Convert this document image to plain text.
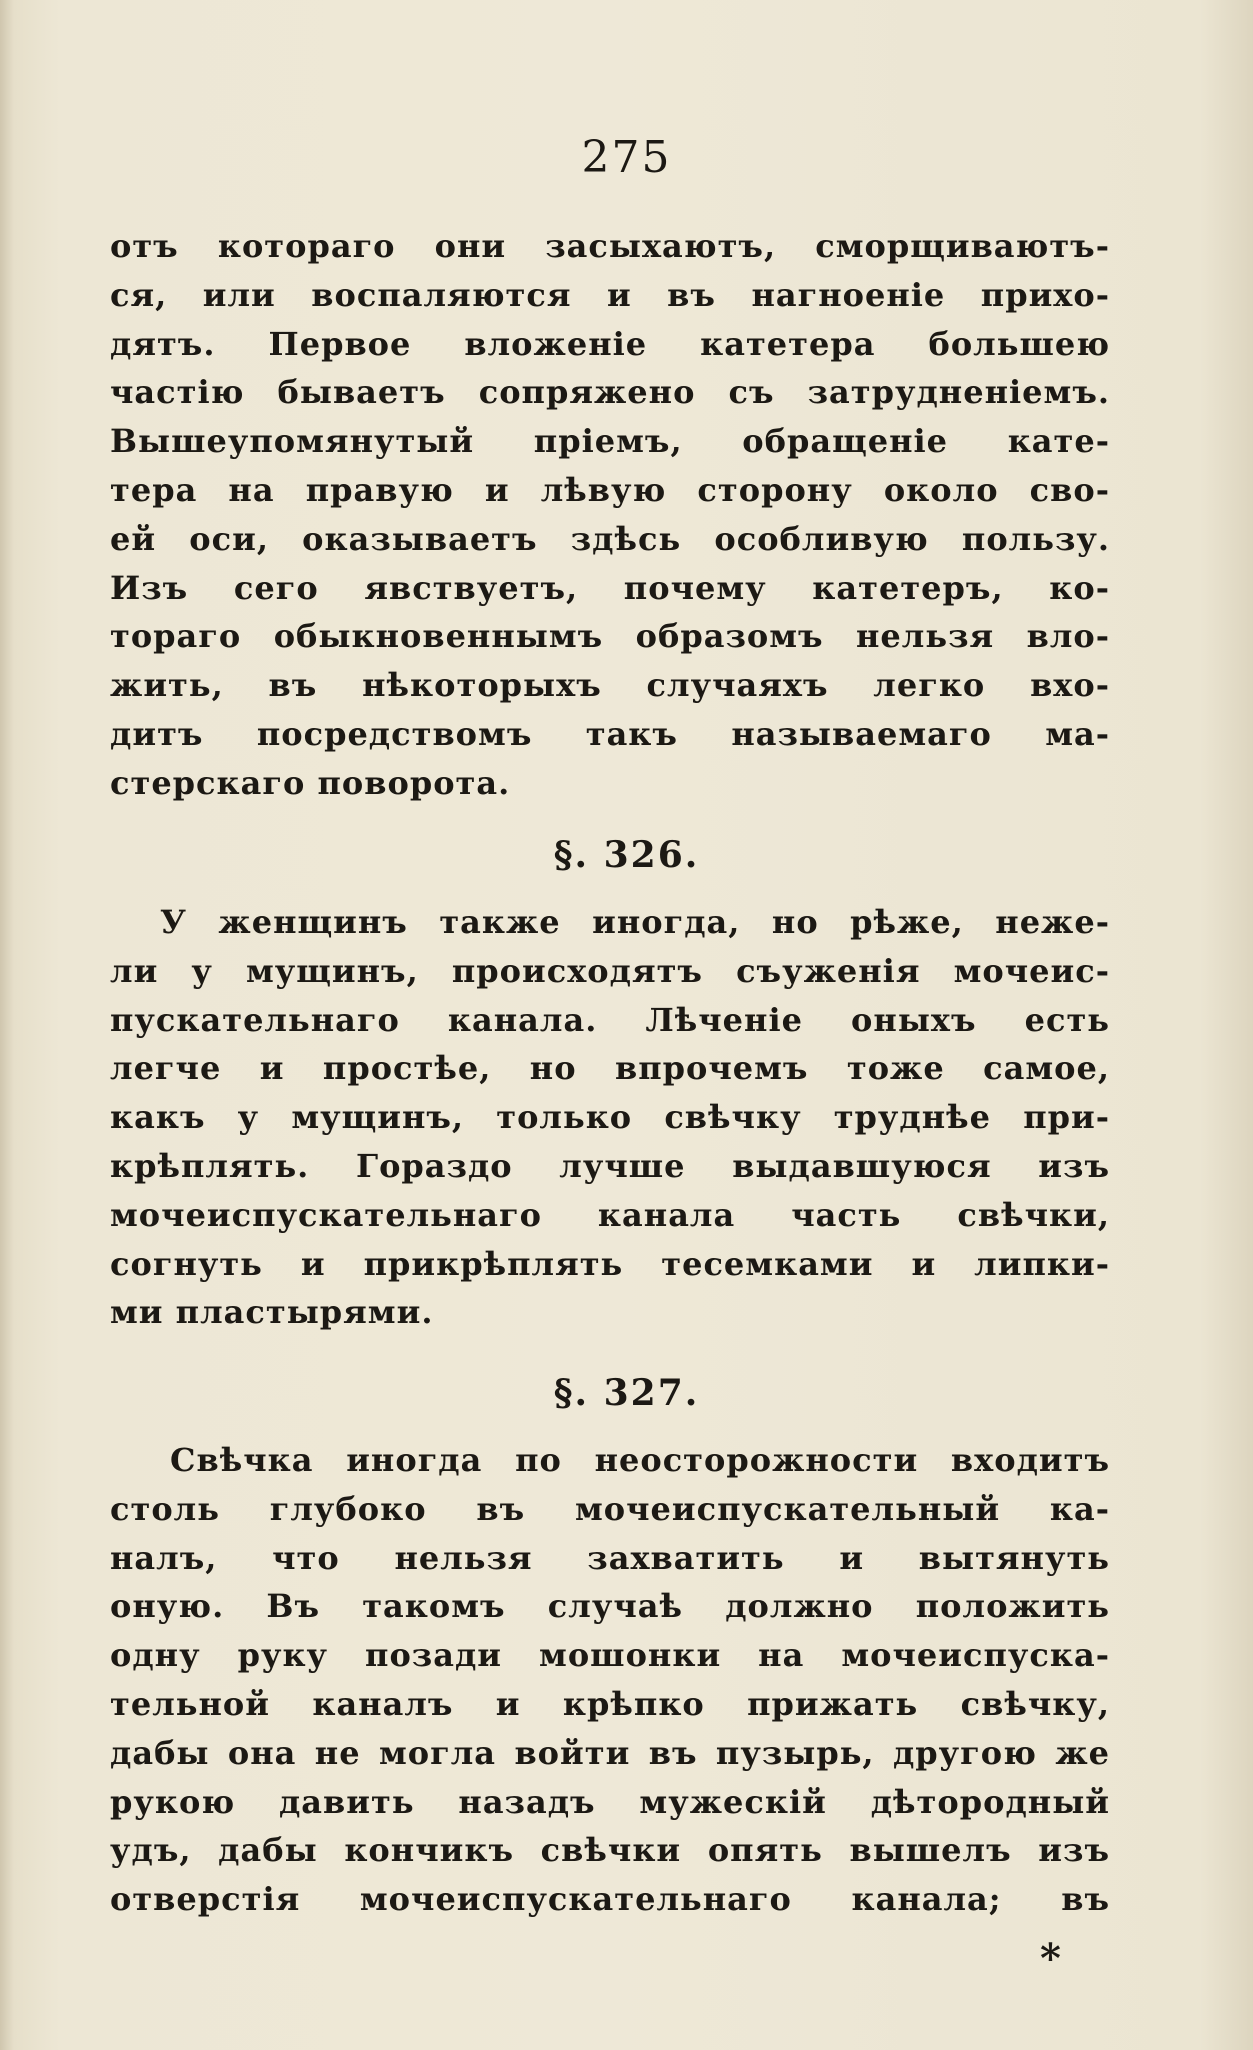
275
отъ котораго они засыхаютъ, сморщиваютъ-
ся, или воспаляются и въ нагноеніе прихо-
дятъ. Первое вложеніе катетера большею
частію бываетъ сопряжено съ затрудненіемъ.
Вышеупомянутый пріемъ, обращеніе кате-
тера на правую и лѣвую сторону около сво-
ей оси, оказываетъ здѣсь особливую пользу.
Изъ сего явствуетъ, почему катетеръ, ко-
тораго обыкновеннымъ образомъ нельзя вло-
жить, въ нѣкоторыхъ случаяхъ легко вхо-
дитъ посредствомъ такъ называемаго ма-
стерскаго поворота.
§. 326.
У женщинъ также иногда, но рѣже, неже-
ли у мущинъ, происходятъ съуженія мочеис-
пускательнаго канала. Лѣченіе оныхъ есть
легче и простѣе, но впрочемъ тоже самое,
какъ у мущинъ, только свѣчку труднѣе при-
крѣплять. Гораздо лучше выдавшуюся изъ
мочеиспускательнаго канала часть свѣчки,
согнуть и прикрѣплять тесемками и липки-
ми пластырями.
§. 327.
Свѣчка иногда по неосторожности входитъ
столь глубоко въ мочеиспускательный ка-
налъ, что нельзя захватить и вытянуть
оную. Въ такомъ случаѣ должно положить
одну руку позади мошонки на мочеиспуска-
тельной каналъ и крѣпко прижать свѣчку,
дабы она не могла войти въ пузырь, другою же
рукою давить назадъ мужескій дѣтородный
удъ, дабы кончикъ свѣчки опять вышелъ изъ
отверстія мочеиспускательнаго канала; въ
*
